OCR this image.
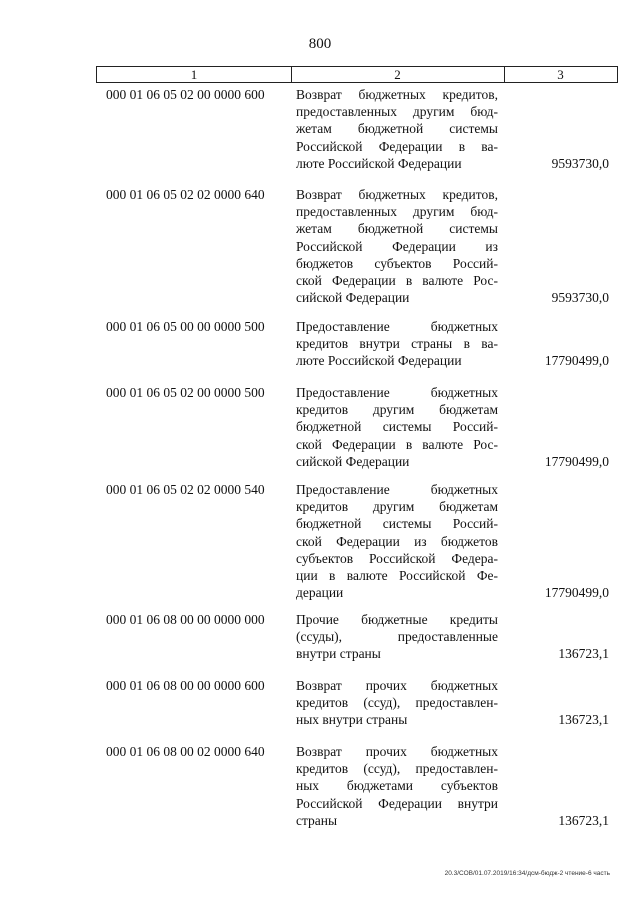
800
1	2	3
000 01 06 05 02 00 0000 600 Возврат бюджетных кредитов,
предоставленных другим бюд-
жетам бюджетной системы
Российской Федерации в ва-
люте Российской Федерации	9593730,0
000 01 06 05 02 02 0000 640 Возврат бюджетных кредитов,
предоставленных другим бюд-
жетам бюджетной системы
Российской Федерации из
бюджетов субъектов Россий-
ской Федерации в валюте Рос-
сийской Федерации	9593730,0
000 01 06 05 00 00 0000 500 Предоставление бюджетных
кредитов внутри страны в ва-
люте Российской Федерации	17790499,0
000 01 06 05 02 00 0000 500 Предоставление бюджетных
кредитов другим бюджетам
бюджетной системы Россий-
ской Федерации в валюте Рос-
сийской Федерации	17790499,0
000 01 06 05 02 02 0000 540 Предоставление бюджетных
кредитов другим бюджетам
бюджетной системы Россий-
ской Федерации из бюджетов
субъектов Российской Федера-
ции в валюте Российской Фе-
дерации	17790499,0
000 01 06 08 00 00 0000 000 Прочие бюджетные кредиты
(ссуды), предоставленные
внутри страны	136723,1
000 01 06 08 00 00 0000 600 Возврат прочих бюджетных
кредитов (ссуд), предоставлен-
ных внутри страны	136723,1
000 01 06 08 00 02 0000 640 Возврат прочих бюджетных
кредитов (ссуд), предоставлен-
ных бюджетами субъектов
Российской Федерации внутри
страны	136723,1
20.3/СОВ/01.07.2019/16:34/дсм-бюдж-2 чтение-6 часть
